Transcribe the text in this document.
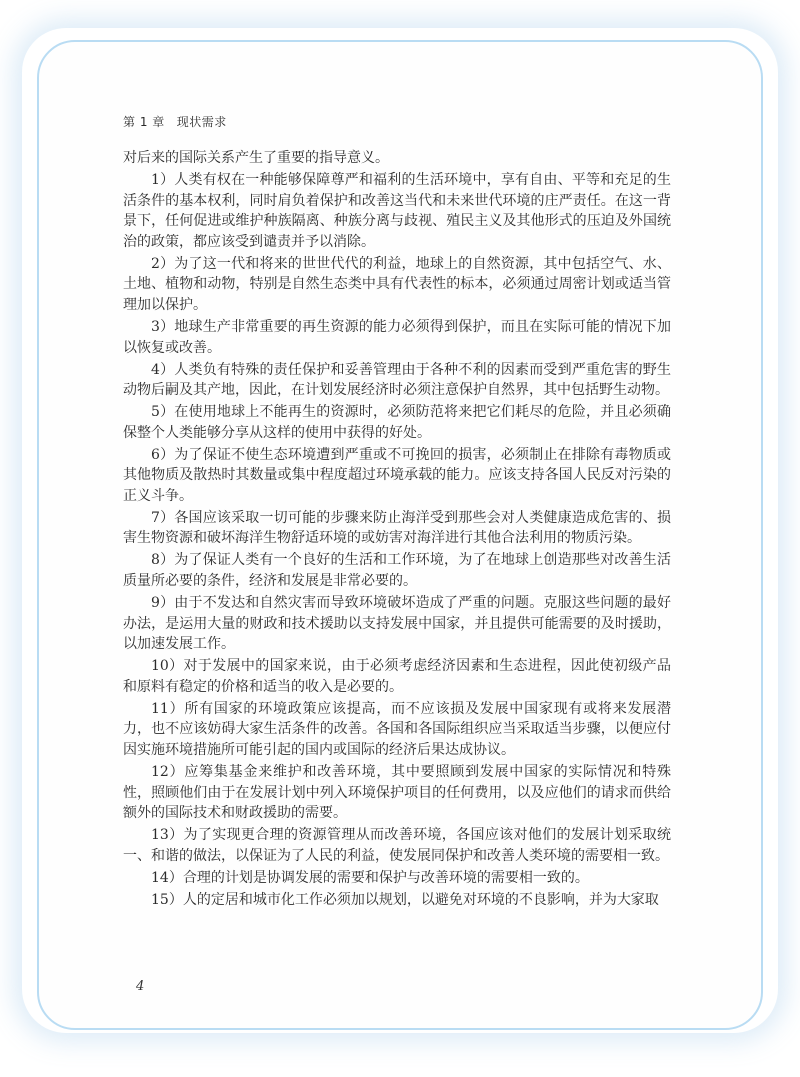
第 1 章 现状需求

对后来的国际关系产生了重要的指导意义。

1）人类有权在一种能够保障尊严和福利的生活环境中，享有自由、平等和充足的生活条件的基本权利，同时肩负着保护和改善这当代和未来世代环境的庄严责任。在这一背景下，任何促进或维护种族隔离、种族分离与歧视、殖民主义及其他形式的压迫及外国统治的政策，都应该受到谴责并予以消除。

2）为了这一代和将来的世世代代的利益，地球上的自然资源，其中包括空气、水、土地、植物和动物，特别是自然生态类中具有代表性的标本，必须通过周密计划或适当管理加以保护。

3）地球生产非常重要的再生资源的能力必须得到保护，而且在实际可能的情况下加以恢复或改善。

4）人类负有特殊的责任保护和妥善管理由于各种不利的因素而受到严重危害的野生动物后嗣及其产地，因此，在计划发展经济时必须注意保护自然界，其中包括野生动物。

5）在使用地球上不能再生的资源时，必须防范将来把它们耗尽的危险，并且必须确保整个人类能够分享从这样的使用中获得的好处。

6）为了保证不使生态环境遭到严重或不可挽回的损害，必须制止在排除有毒物质或其他物质及散热时其数量或集中程度超过环境承载的能力。应该支持各国人民反对污染的正义斗争。

7）各国应该采取一切可能的步骤来防止海洋受到那些会对人类健康造成危害的、损害生物资源和破坏海洋生物舒适环境的或妨害对海洋进行其他合法利用的物质污染。

8）为了保证人类有一个良好的生活和工作环境，为了在地球上创造那些对改善生活质量所必要的条件，经济和发展是非常必要的。

9）由于不发达和自然灾害而导致环境破坏造成了严重的问题。克服这些问题的最好办法，是运用大量的财政和技术援助以支持发展中国家，并且提供可能需要的及时援助，以加速发展工作。

10）对于发展中的国家来说，由于必须考虑经济因素和生态进程，因此使初级产品和原料有稳定的价格和适当的收入是必要的。

11）所有国家的环境政策应该提高，而不应该损及发展中国家现有或将来发展潜力，也不应该妨碍大家生活条件的改善。各国和各国际组织应当采取适当步骤，以便应付因实施环境措施所可能引起的国内或国际的经济后果达成协议。

12）应筹集基金来维护和改善环境，其中要照顾到发展中国家的实际情况和特殊性，照顾他们由于在发展计划中列入环境保护项目的任何费用，以及应他们的请求而供给额外的国际技术和财政援助的需要。

13）为了实现更合理的资源管理从而改善环境，各国应该对他们的发展计划采取统一、和谐的做法，以保证为了人民的利益，使发展同保护和改善人类环境的需要相一致。

14）合理的计划是协调发展的需要和保护与改善环境的需要相一致的。

15）人的定居和城市化工作必须加以规划，以避免对环境的不良影响，并为大家取

4
